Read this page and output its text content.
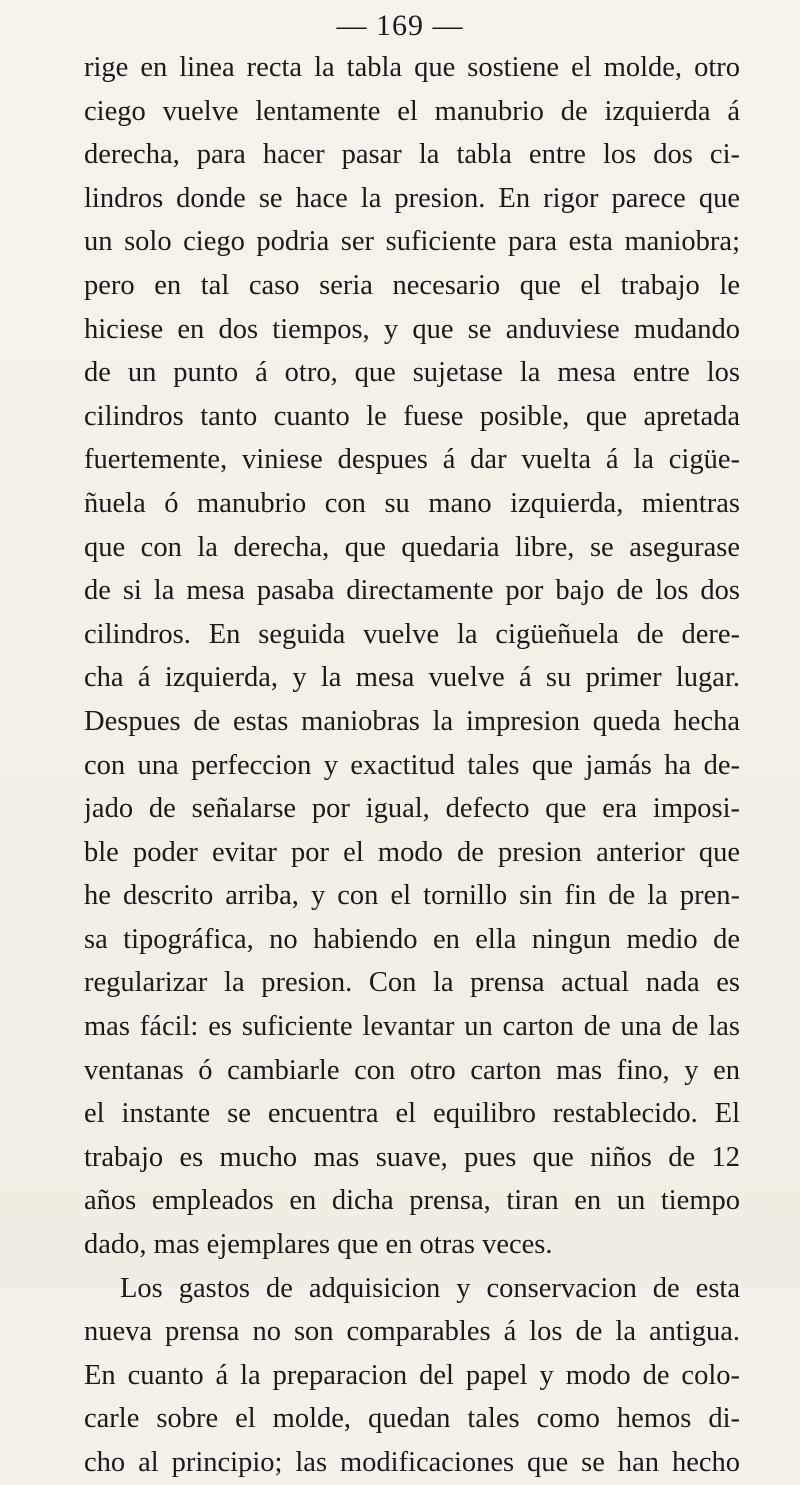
— 169 —
rige en linea recta la tabla que sostiene el molde, otro
ciego vuelve lentamente el manubrio de izquierda á
derecha, para hacer pasar la tabla entre los dos ci-
lindros donde se hace la presion. En rigor parece que
un solo ciego podria ser suficiente para esta maniobra;
pero en tal caso seria necesario que el trabajo le
hiciese en dos tiempos, y que se anduviese mudando
de un punto á otro, que sujetase la mesa entre los
cilindros tanto cuanto le fuese posible, que apretada
fuertemente, viniese despues á dar vuelta á la cigüe-
ñuela ó manubrio con su mano izquierda, mientras
que con la derecha, que quedaria libre, se asegurase
de si la mesa pasaba directamente por bajo de los dos
cilindros. En seguida vuelve la cigüeñuela de dere-
cha á izquierda, y la mesa vuelve á su primer lugar.
Despues de estas maniobras la impresion queda hecha
con una perfeccion y exactitud tales que jamás ha de-
jado de señalarse por igual, defecto que era imposi-
ble poder evitar por el modo de presion anterior que
he descrito arriba, y con el tornillo sin fin de la pren-
sa tipográfica, no habiendo en ella ningun medio de
regularizar la presion. Con la prensa actual nada es
mas fácil: es suficiente levantar un carton de una de las
ventanas ó cambiarle con otro carton mas fino, y en
el instante se encuentra el equilibro restablecido. El
trabajo es mucho mas suave, pues que niños de 12
años empleados en dicha prensa, tiran en un tiempo
dado, mas ejemplares que en otras veces.
Los gastos de adquisicion y conservacion de esta
nueva prensa no son comparables á los de la antigua.
En cuanto á la preparacion del papel y modo de colo-
carle sobre el molde, quedan tales como hemos di-
cho al principio; las modificaciones que se han hecho
